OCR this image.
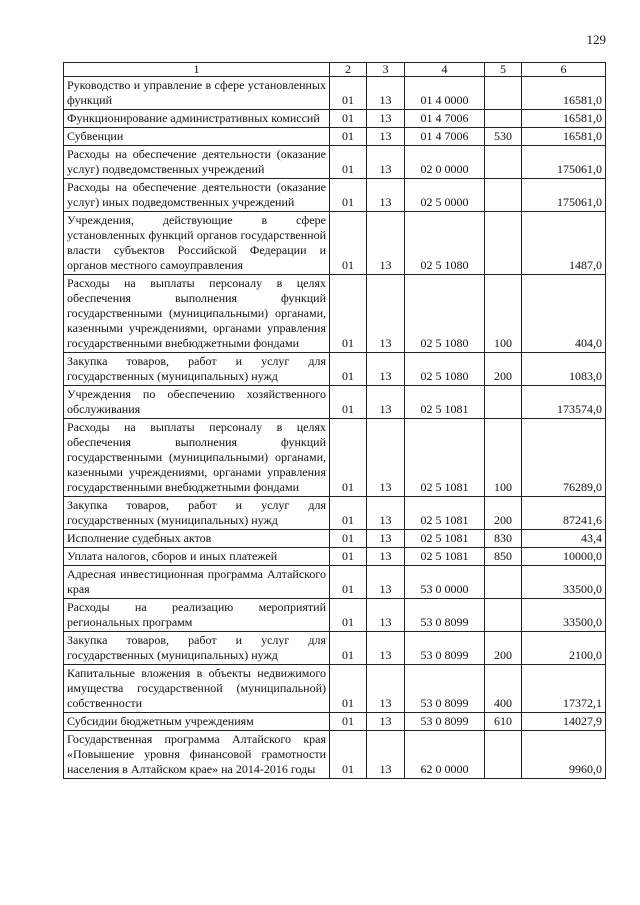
129
1	2	3	4	5	6
Руководство и управление в сфере установленных функций	01	13	01 4 0000		16581,0
Функционирование административных комиссий	01	13	01 4 7006		16581,0
Субвенции	01	13	01 4 7006	530	16581,0
Расходы на обеспечение деятельности (оказание услуг) подведомственных учреждений	01	13	02 0 0000		175061,0
Расходы на обеспечение деятельности (оказание услуг) иных подведомственных учреждений	01	13	02 5 0000		175061,0
Учреждения, действующие в сфере установленных функций органов государственной власти субъектов Российской Федерации и органов местного самоуправления	01	13	02 5 1080		1487,0
Расходы на выплаты персоналу в целях обеспечения выполнения функций государственными (муниципальными) органами, казенными учреждениями, органами управления государственными внебюджетными фондами	01	13	02 5 1080	100	404,0
Закупка товаров, работ и услуг для государственных (муниципальных) нужд	01	13	02 5 1080	200	1083,0
Учреждения по обеспечению хозяйственного обслуживания	01	13	02 5 1081		173574,0
Расходы на выплаты персоналу в целях обеспечения выполнения функций государственными (муниципальными) органами, казенными учреждениями, органами управления государственными внебюджетными фондами	01	13	02 5 1081	100	76289,0
Закупка товаров, работ и услуг для государственных (муниципальных) нужд	01	13	02 5 1081	200	87241,6
Исполнение судебных актов	01	13	02 5 1081	830	43,4
Уплата налогов, сборов и иных платежей	01	13	02 5 1081	850	10000,0
Адресная инвестиционная программа Алтайского края	01	13	53 0 0000		33500,0
Расходы на реализацию мероприятий региональных программ	01	13	53 0 8099		33500,0
Закупка товаров, работ и услуг для государственных (муниципальных) нужд	01	13	53 0 8099	200	2100,0
Капитальные вложения в объекты недвижимого имущества государственной (муниципальной) собственности	01	13	53 0 8099	400	17372,1
Субсидии бюджетным учреждениям	01	13	53 0 8099	610	14027,9
Государственная программа Алтайского края «Повышение уровня финансовой грамотности населения в Алтайском крае» на 2014-2016 годы	01	13	62 0 0000		9960,0
